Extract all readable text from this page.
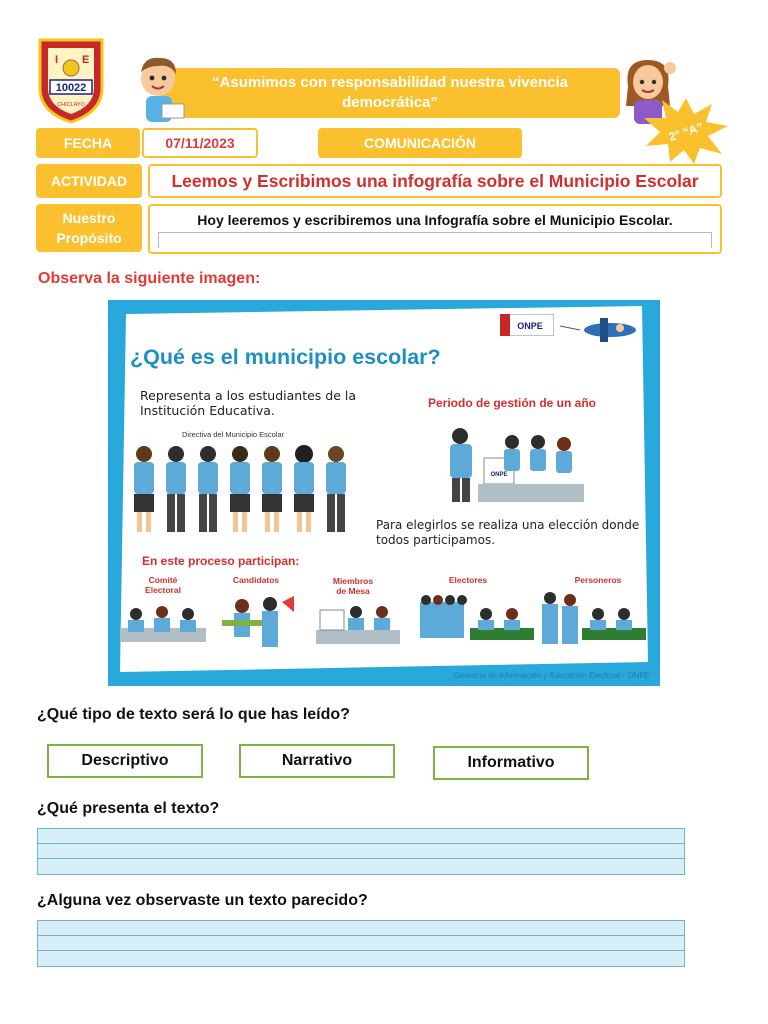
I E
10022
CHICLAYO
“Asumimos con responsabilidad nuestra vivencia democrática”
2° “A”
FECHA	07/11/2023	COMUNICACIÓN
ACTIVIDAD	Leemos y Escribimos una infografía sobre el Municipio Escolar
Nuestro
Propósito
Hoy leeremos y escribiremos una Infografía sobre el Municipio Escolar.
Observa la siguiente imagen:
ONPE
¿Qué es el municipio escolar?
Representa a los estudiantes de la Institución Educativa.
Directiva del Municipio Escolar
Periodo de gestión de un año
ONPE
Para elegirlos se realiza una elección donde todos participamos.
En este proceso participan:
Comité
Electoral
Candidatos	Miembros
de Mesa
Electores	Personeros
Gerencia de Información y Educación Electoral - ONPE
¿Qué tipo de texto será lo que has leído?
Descriptivo	Narrativo	Informativo
¿Qué presenta el texto?
¿Alguna vez observaste un texto parecido?
